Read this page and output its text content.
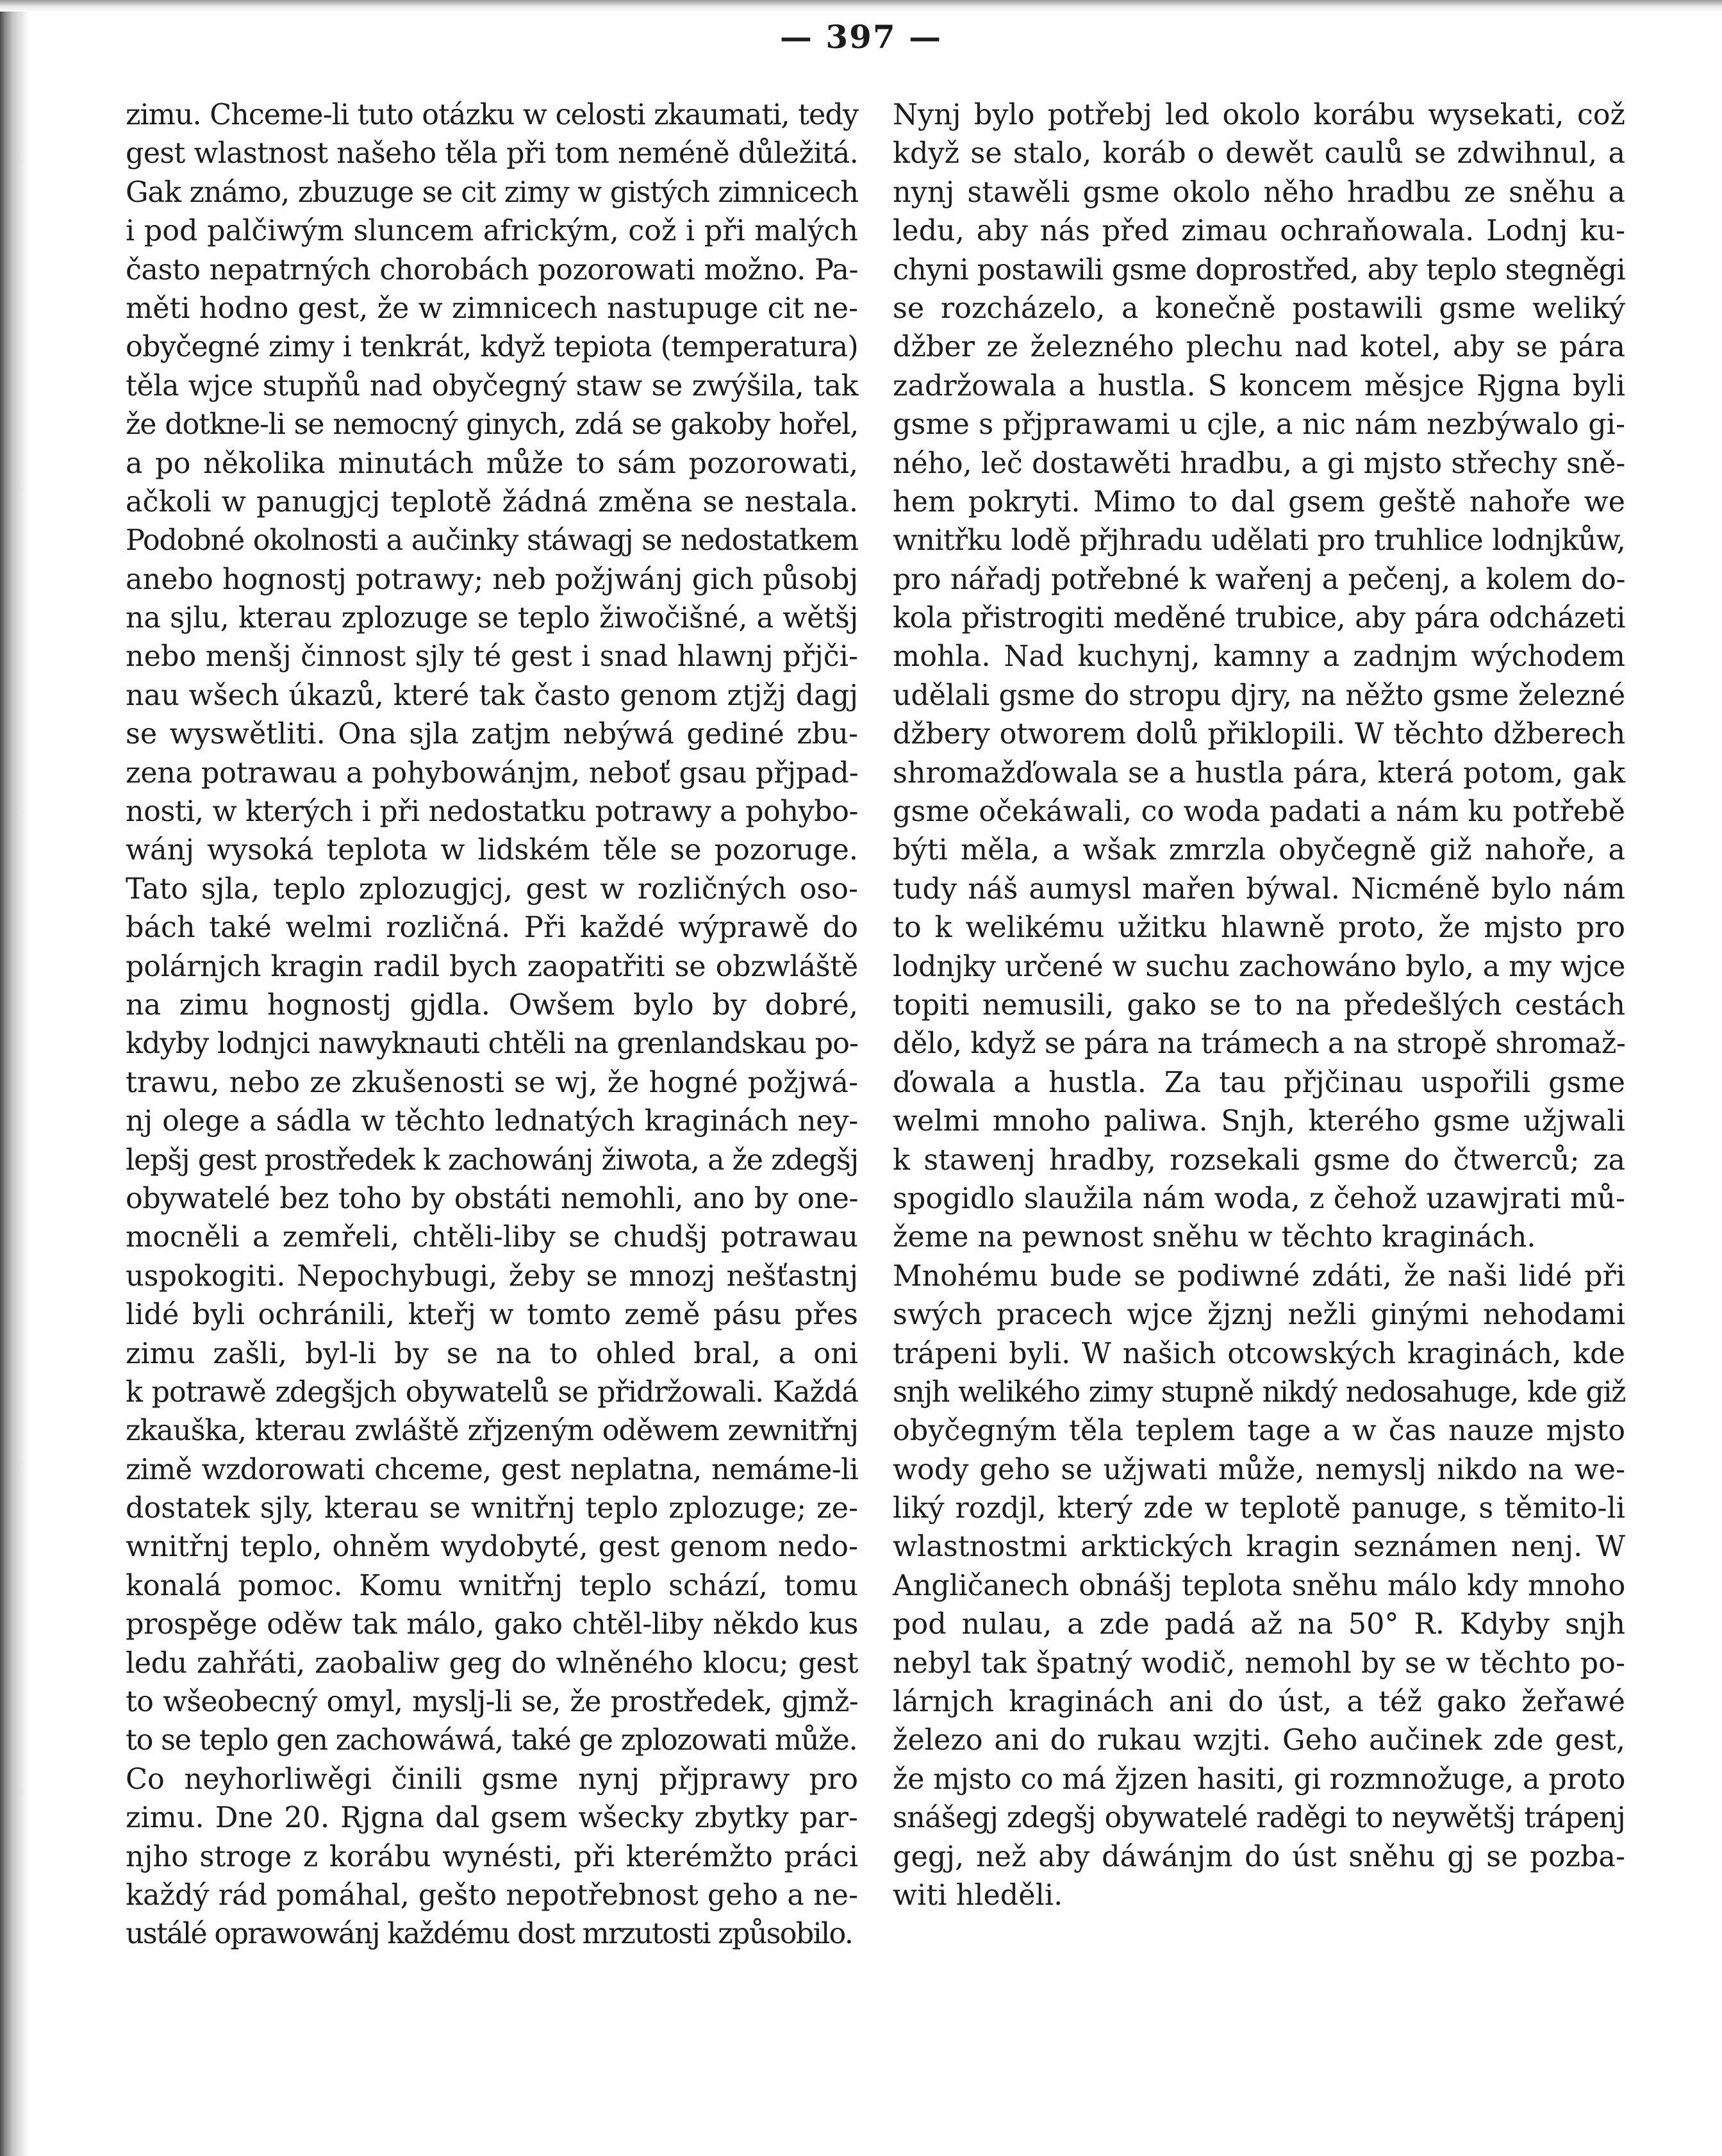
— 397 —
zimu. Chceme-li tuto otázku w celosti zkaumati, tedy
gest wlastnost našeho těla při tom neméně důležitá.
Gak známo, zbuzuge se cit zimy w gistých zimnicech
i pod palčiwým sluncem africkým, což i při malých
často nepatrných chorobách pozorowati možno. Pa-
měti hodno gest, že w zimnicech nastupuge cit ne-
obyčegné zimy i tenkrát, když tepiota (temperatura)
těla wjce stupňů nad obyčegný staw se zwýšila, tak
že dotkne-li se nemocný ginych, zdá se gakoby hořel,
a po několika minutách může to sám pozorowati,
ačkoli w panugjcj teplotě žádná změna se nestala.
Podobné okolnosti a aučinky stáwagj se nedostatkem
anebo hognostj potrawy; neb požjwánj gich působj
na sjlu, kterau zplozuge se teplo žiwočišné, a wětšj
nebo menšj činnost sjly té gest i snad hlawnj přjči-
nau wšech úkazů, které tak často genom ztjžj dagj
se wyswětliti. Ona sjla zatjm nebýwá gediné zbu-
zena potrawau a pohybowánjm, neboť gsau přjpad-
nosti, w kterých i při nedostatku potrawy a pohybo-
wánj wysoká teplota w lidském těle se pozoruge.
Tato sjla, teplo zplozugjcj, gest w rozličných oso-
bách také welmi rozličná. Při každé wýprawě do
polárnjch kragin radil bych zaopatřiti se obzwláště
na zimu hognostj gjdla. Owšem bylo by dobré,
kdyby lodnjci nawyknauti chtěli na grenlandskau po-
trawu, nebo ze zkušenosti se wj, že hogné požjwá-
nj olege a sádla w těchto lednatých kraginách ney-
lepšj gest prostředek k zachowánj žiwota, a že zdegšj
obywatelé bez toho by obstáti nemohli, ano by one-
mocněli a zemřeli, chtěli-liby se chudšj potrawau
uspokogiti. Nepochybugi, žeby se mnozj nešťastnj
lidé byli ochránili, kteřj w tomto země pásu přes
zimu zašli, byl-li by se na to ohled bral, a oni
k potrawě zdegšjch obywatelů se přidržowali. Každá
zkauška, kterau zwláště zřjzeným oděwem zewnitřnj
zimě wzdorowati chceme, gest neplatna, nemáme-li
dostatek sjly, kterau se wnitřnj teplo zplozuge; ze-
wnitřnj teplo, ohněm wydobyté, gest genom nedo-
konalá pomoc. Komu wnitřnj teplo schází, tomu
prospěge oděw tak málo, gako chtěl-liby někdo kus
ledu zahřáti, zaobaliw geg do wlněného klocu; gest
to wšeobecný omyl, myslj-li se, že prostředek, gjmž-
to se teplo gen zachowáwá, také ge zplozowati může.
Co neyhorliwěgi činili gsme nynj přjprawy pro
zimu. Dne 20. Rjgna dal gsem wšecky zbytky par-
njho stroge z korábu wynésti, při kterémžto práci
každý rád pomáhal, gešto nepotřebnost geho a ne-
ustálé oprawowánj každému dost mrzutosti způsobilo.
Nynj bylo potřebj led okolo korábu wysekati, což
když se stalo, koráb o dewět caulů se zdwihnul, a
nynj stawěli gsme okolo něho hradbu ze sněhu a
ledu, aby nás před zimau ochraňowala. Lodnj ku-
chyni postawili gsme doprostřed, aby teplo stegněgi
se rozcházelo, a konečně postawili gsme weliký
džber ze železného plechu nad kotel, aby se pára
zadržowala a hustla. S koncem měsjce Rjgna byli
gsme s přjprawami u cjle, a nic nám nezbýwalo gi-
ného, leč dostawěti hradbu, a gi mjsto střechy sně-
hem pokryti. Mimo to dal gsem geště nahoře we
wnitřku lodě přjhradu udělati pro truhlice lodnjkůw,
pro nářadj potřebné k wařenj a pečenj, a kolem do-
kola přistrogiti meděné trubice, aby pára odcházeti
mohla. Nad kuchynj, kamny a zadnjm wýchodem
udělali gsme do stropu djry, na něžto gsme železné
džbery otworem dolů přiklopili. W těchto džberech
shromažďowala se a hustla pára, která potom, gak
gsme očekáwali, co woda padati a nám ku potřebě
býti měla, a wšak zmrzla obyčegně giž nahoře, a
tudy náš aumysl mařen býwal. Nicméně bylo nám
to k welikému užitku hlawně proto, že mjsto pro
lodnjky určené w suchu zachowáno bylo, a my wjce
topiti nemusili, gako se to na předešlých cestách
dělo, když se pára na trámech a na stropě shromaž-
ďowala a hustla. Za tau přjčinau uspořili gsme
welmi mnoho paliwa. Snjh, kterého gsme užjwali
k stawenj hradby, rozsekali gsme do čtwerců; za
spogidlo slaužila nám woda, z čehož uzawjrati mů-
žeme na pewnost sněhu w těchto kraginách.
Mnohému bude se podiwné zdáti, že naši lidé při
swých pracech wjce žjznj nežli ginými nehodami
trápeni byli. W našich otcowských kraginách, kde
snjh welikého zimy stupně nikdý nedosahuge, kde giž
obyčegným těla teplem tage a w čas nauze mjsto
wody geho se užjwati může, nemyslj nikdo na we-
liký rozdjl, který zde w teplotě panuge, s těmito-li
wlastnostmi arktických kragin seznámen nenj. W
Angličanech obnášj teplota sněhu málo kdy mnoho
pod nulau, a zde padá až na 50° R. Kdyby snjh
nebyl tak špatný wodič, nemohl by se w těchto po-
lárnjch kraginách ani do úst, a též gako žeřawé
železo ani do rukau wzjti. Geho aučinek zde gest,
že mjsto co má žjzen hasiti, gi rozmnožuge, a proto
snášegj zdegšj obywatelé raděgi to neywětšj trápenj
gegj, než aby dáwánjm do úst sněhu gj se pozba-
witi hleděli.
